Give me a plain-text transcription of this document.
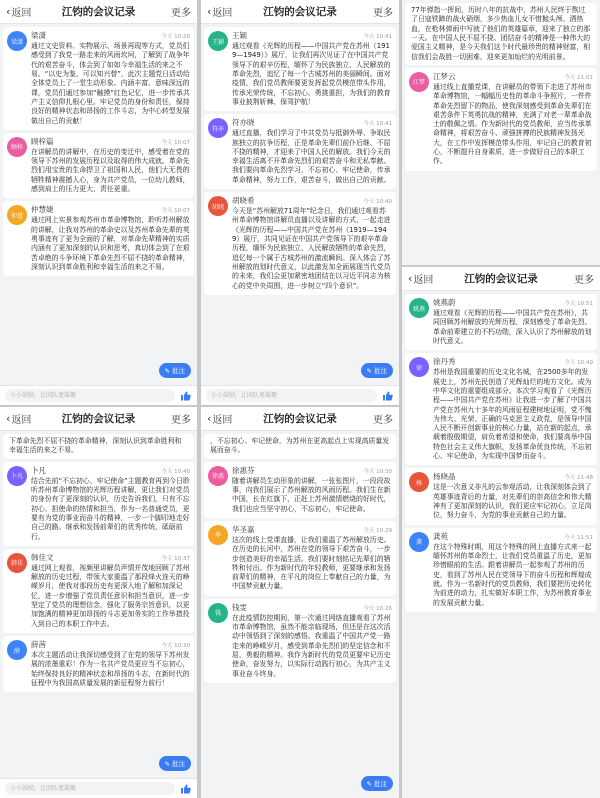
‹ 返回	江钧的会议记录	更多
梁潇
梁潇	今天 10:26
通过文史资料、实物展示、场景再现等方式，党员们感受到了我党一路走来的风雨坎坷，了解到了战争年代的艰苦奋斗，体会到了如如今幸福生活的来之不易。“以史为鉴，可以知兴替”，此次主题党日活动给全体党员上了一堂生动形象、内涵丰富、意味深远的课，党员们通过参加“触摸”红色记忆，进一步传承共产主义信仰扎根心里。牢记党员的身份和责任，保持良好的精神状态和昂扬的工作斗志，为中心转型发展做出自己的贡献！
顾梓
顾梓篇	今天 10:07
在讲解员的讲解中，在历史的变迁中，感受着在党的领导下苏州的发展历程以及取得的伟大成就。革命先烈们用宝贵的生命捍卫了祖国和人民，他们大无畏的牺牲精神震撼人心，身为共产党员，一位幼儿教师，感到肩上的压力更大、责任更重。
仲慧
仲慧婕	今天 10:07
通过网上实景参观苏州市革命博物馆，聆听苏州解放的讲解，让我对苏州的革命史以及苏州革命先辈的英勇事迹有了更为全面的了解，对革命先辈精神的实质内涵有了更加深刻的认识和思考，真切体会到了在艰苦卓绝的斗争环境下革命先烈不屈不挠的革命精神，深刻认识到革命胜利和幸福生活的来之不易。
✎ 批注
小小鼓励，让团队更凝聚
‹ 返回	江钧的会议记录	更多
王颖
王颖	今天 10:41
通过观看《光辉的历程——中国共产党在苏州（1919—1949）》展厅，让我们再次见证了在中国共产党领导下的艰辛历程，缅怀了为民族独立、人民解放的革命先烈，追忆了每一个古城苏州的美丽瞬间。面对疫情，我们党员教师要更发挥起党员模范带头作用，传承光荣传统，不忘初心、勇挑重担，为我们的教育事业披荆斩棘、保驾护航！
符亦
符亦晓	今天 10:41
通过直播，我们学习了中共党员与抵御外辱、争取民族独立的抗争历程，正是革命先辈们前仆后继、不屈不挠的精神，才迎来了中国人民的解放。我们今天的幸福生活离不开革命先烈们的艰苦奋斗和无私奉献。我们要向革命先烈学习，不忘初心、牢记使命，传承革命精神，努力工作，艰苦奋斗，做出自己的贡献。
胡晓
胡晓希	今天 10:40
今天是“苏州解放71周年”纪念日，我们通过观看苏州革命博物馆讲解员直播以及讲解的方式，一起走进《光辉的历程——中国共产党在苏州（1919—1949）展厅，共同见证在中国共产党领导下的艰辛革命历程，缅怀为民族独立、人民解放牺牲的革命先烈，追忆每一个属于古城苏州的激流瞬间。深入体会了苏州解放的划时代意义，以此激发加全面展现当代党员的未来，我们会更加紧密地团结在以习近平同志为核心的党中央周围，进一步树立“四个意识”。
✎ 批注
小小鼓励，让团队更凝聚
77年弹指一挥间，历时八年的抗战中，苏州人民终于熬过了日寇铁蹄的战火硝烟，多少热血儿女不惜抛头颅、洒热血，在枪林弹雨中写就了他们的英雄篇章，迎来了独立的那一天。在中国人民不屈不挠、团结奋斗的精神是一种伟大的爱国主义精神，是今天我们这个时代最珍贵的精神财富，相信我们会战胜一切困难，迎来更加灿烂的光明前景。
江梦
江梦云	今天 11:01
通过线上直播党课，在讲解员的带领下走进了苏州市革命博物馆，一幅幅历史性的革命斗争照片，一件件革命先烈留下的物品，使我深刻感受到革命先辈们在艰苦条件下英勇抗战的精神，充满了对老一辈革命战士的敬佩之情。作为新时代的党员教师，应当传承革命精神，将艰苦奋斗、顽强拼搏的民族精神发扬光大，在工作中发挥模范带头作用，牢记自己的教育初心，不断提升自身素质，进一步做好自己的本职工作。
‹ 返回	江钧的会议记录	更多
下革命先烈不屈不挠的革命精神，深刻认识到革命胜利和幸福生活的来之不易。
卜凡
卜凡	今天 10:40
结合先前“不忘初心、牢记使命”主题教育再到今日聆听苏州革命博物馆的光辉历程讲解，更让我们对党员的身份有了更深刻的认识，历史告诉我们，只有不忘初心、担使命的热情和担当，作为一名普通党员，更要有为党的事业而奋斗的精神，一步一个脚印地走好自己的路。继承和发扬前辈们的优秀传统，砥砺前行。
韩佳
韩佳文	今天 10:37
通过网上观看，视频里讲解员声情并茂地回顾了苏州解放的历史过程，带领大家重温了那段烽火连天的峥嵘岁月，使我对那段历史有更深入地了解和加深记忆，进一步增强了党员责任意识和担当意识，进一步坚定了党员的理想信念，强化了服务宗旨意识，以更加饱满的精神更加昂扬的斗志更加务实的工作举措投入到自己的本职工作中去。
薛
薛茜	今天 10:30
本次主题活动让我深切感受到了在党的领导下苏州发展的浓墨重彩！作为一名共产党员更应当不忘初心，始终保持良好的精神状态和昂扬的斗志，在新时代的征程中为我国高质量发展的新征程努力前行！
✎ 批注
小小鼓励，让团队更凝聚
‹ 返回	江钧的会议记录	更多
，不忘初心、牢记使命，为苏州在更高起点上实现高质量发展而奋斗。
徐惠
徐惠芬	今天 10:30
随着讲解员生动形象的讲解，一张张图片，一段段故事，向我们展示了苏州解放的风雨历程。我们生在新中国，长在红旗下，正赶上苏州激情燃烧的好时代，我们也应当坚守初心，不忘初心，牢记使命。
华
华圣嘉	今天 10:29
这次的线上党课直播，让我们重温了苏州解放历史。在历史的长河中，苏州在党的领导下艰苦奋斗，一步步创造美好的幸福生活。我们要时刻铭记先辈们的牺牲和付出。作为新时代的年轻教师，更要继承和发扬前辈们的精神，在平凡的岗位上奉献自己的力量，为中国梦贡献力量。
钱
钱雯	今天 10:26
在此疫情防控期间，第一次通过网络直播观看了苏州市革命博物馆，虽然不能亲临现场，但还是在这次活动中领悟到了深刻的感悟。我重温了中国共产党一路走来的峥嵘岁月，感受到革命先烈们的坚定信念和不屈，勇毅的精神。我作为新时代的党员更要牢记历史使命，奋发努力，以实际行动践行初心，为共产主义事业奋斗终身。
✎ 批注
‹ 返回	江钧的会议记录	更多
姚燕
姚燕蔚	今天 10:51
通过观看《光辉的历程——中国共产党在苏州》，共同回顾苏州解放的光辉历程，深刻感受了革命先烈、革命前辈建立的不朽功勋，深入认识了苏州解放的划时代意义。
徐
徐丹秀	今天 10:49
苏州是我国重要的历史文化名城，在2500多年的发展史上，苏州先民创造了光辉灿烂的地方文化。成为中华文化的重要组成部分。本次学习观看了《光辉历程——中国共产党在苏州》让我进一步了解了中国共产党在苏州九十多年的风雨征程建树地证明，党不愧为伟大、光荣、正确的马克思主义政党，是领导中国人民不断开创新事业的核心力量，站在新的起点，承载着殷殷期望，肩负着希望和使命，我们要高举中国特色社会主义伟大旗帜，发扬革命优良传统，不忘初心、牢记使命，为实现中国梦而奋斗。
杨
杨晓晶	今天 11:48
这是一次意义非凡的云参观活动，让我深刻体会到了英雄事迹背后的力量，对先辈们的崇高信念和伟大精神有了更加深刻的认识，我们更应牢记初心，立足岗位，努力奋斗，为党的事业贡献自己的力量。
龚
龚苑	今天 11:51
在这个特殊时期，用这个特殊的网上直播方式来一起缅怀苏州的革命烈士，让我们党员重温了历史，更加珍惜眼前的生活。跟着讲解员一起参观了苏州的历史，看到了苏州人民在党领导下的奋斗历程和辉煌成就。作为一名新时代的党员教师，我们要把历史转化为前进的动力，扎实做好本职工作，为苏州教育事业的发展贡献力量。
